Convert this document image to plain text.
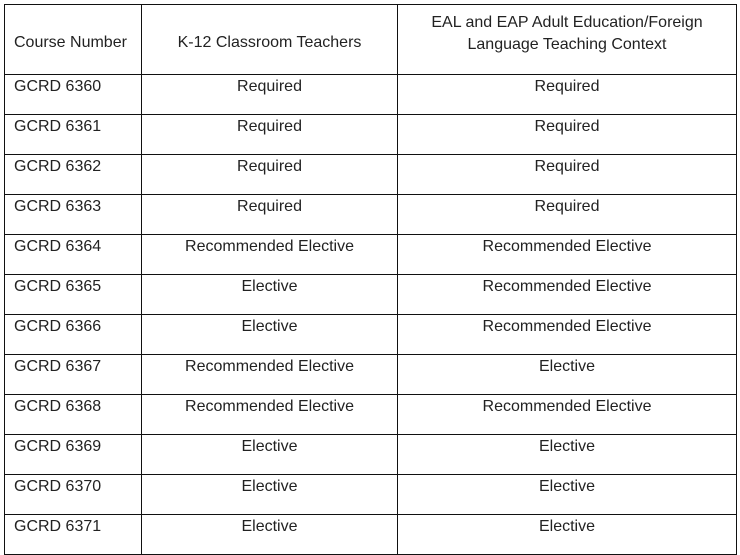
Course Number	K-12 Classroom Teachers	EAL and EAP Adult Education/Foreign Language Teaching Context

GCRD 6360	Required	Required
GCRD 6361	Required	Required
GCRD 6362	Required	Required
GCRD 6363	Required	Required
GCRD 6364	Recommended Elective	Recommended Elective
GCRD 6365	Elective	Recommended Elective
GCRD 6366	Elective	Recommended Elective
GCRD 6367	Recommended Elective	Elective
GCRD 6368	Recommended Elective	Recommended Elective
GCRD 6369	Elective	Elective
GCRD 6370	Elective	Elective
GCRD 6371	Elective	Elective
